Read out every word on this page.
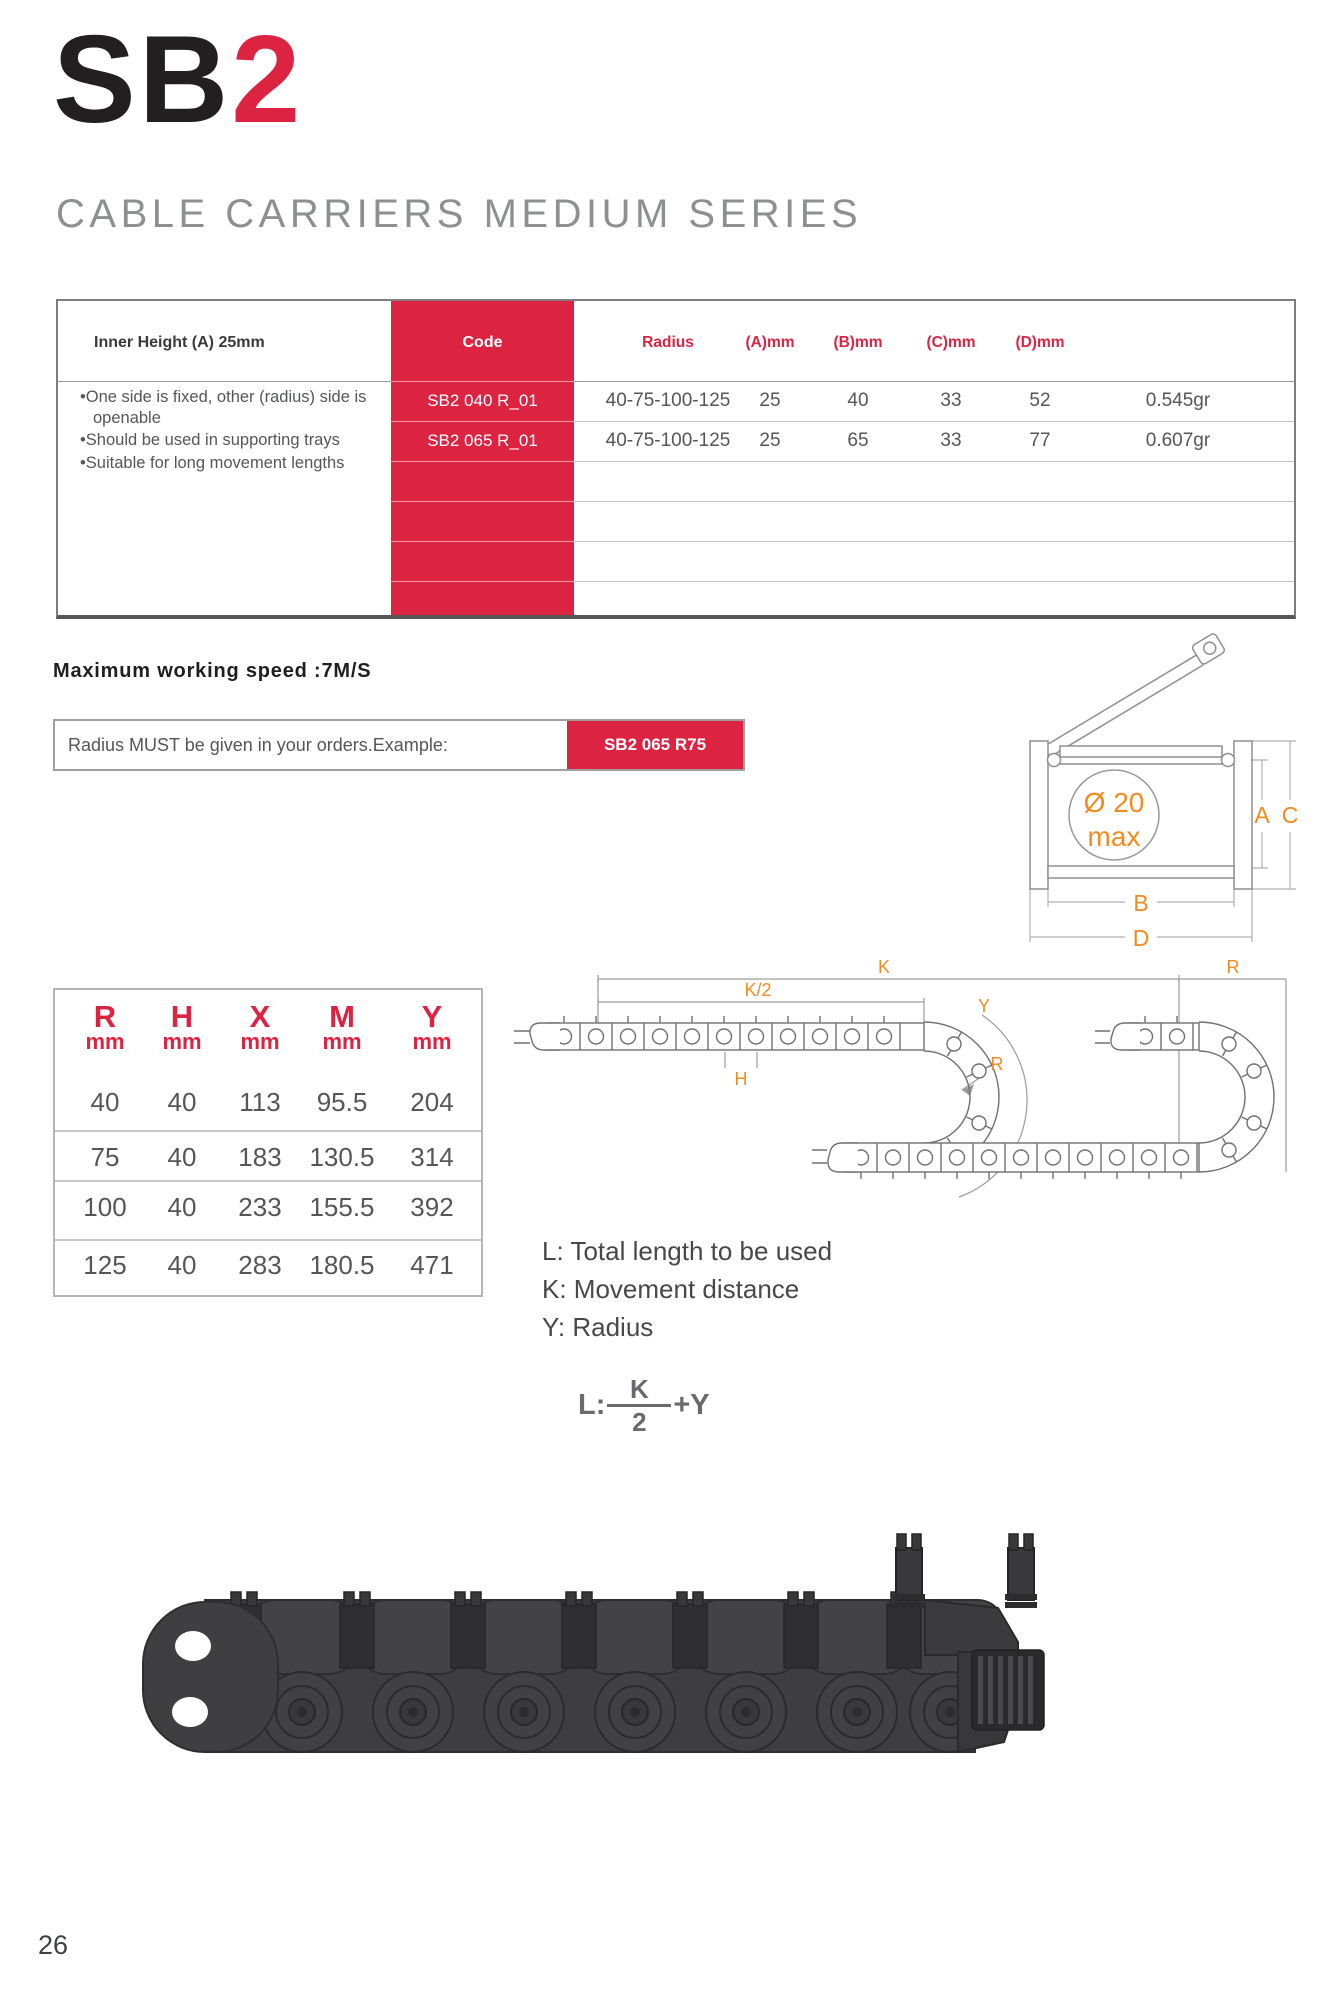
SB2
CABLE CARRIERS MEDIUM SERIES
Inner Height (A) 25mm
• One side is fixed, other (radius) side is openable
• Should be used in supporting trays
• Suitable for long movement lengths
Code	Radius	(A)mm	(B)mm	(C)mm	(D)mm
SB2 040 R_01	40-75-100-125	25	40	33	52	0.545gr
SB2 065 R_01	40-75-100-125	25	65	33	77	0.607gr
Maximum working speed :7M/S
Radius MUST be given in your orders.Example:	SB2 065 R75
Ø 20
max
A C
B
D
R
mm
H
mm
X
mm
M
mm
Y
mm
40	40	113	95.5	204
75	40	183	130.5	314
100	40	233	155.5	392
125	40	283	180.5	471
K
K/2
Y
R
H
R
L: Total length to be used
K: Movement distance
Y: Radius
L: $\frac{K}{2} +Y$
26
